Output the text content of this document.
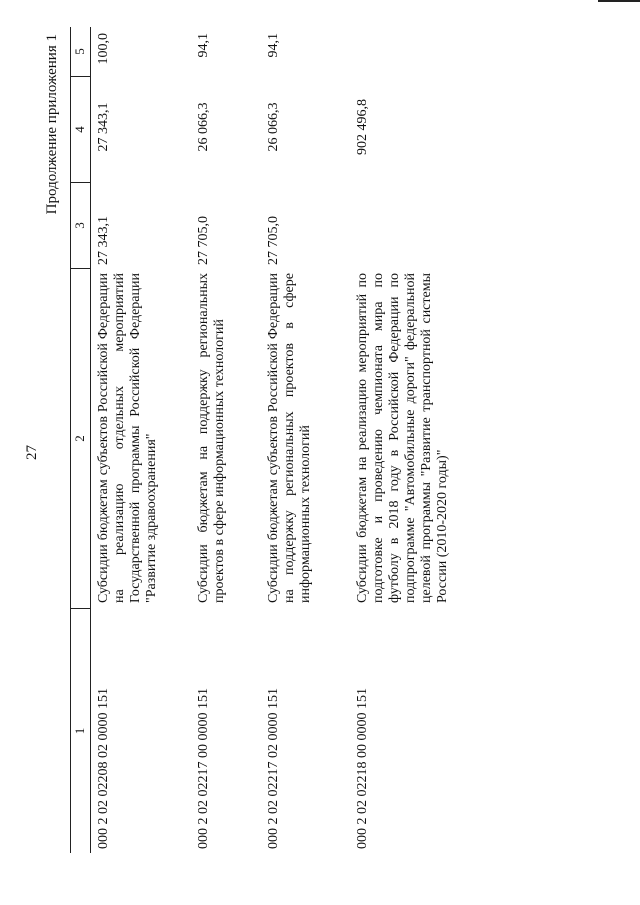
27
Продолжение приложения 1
1
2
3
4
5
000 2 02 02208 02 0000 151
Субсидии бюджетам субъектов Российской Федерации на реализацию отдельных мероприятий Государственной программы Российской Федерации "Развитие здравоохранения"
27 343,1
27 343,1
100,0
000 2 02 02217 00 0000 151
Субсидии бюджетам на поддержку региональных проектов в сфере информационных технологий
27 705,0
26 066,3
94,1
000 2 02 02217 02 0000 151
Субсидии бюджетам субъектов Российской Федерации на поддержку региональных проектов в сфере информационных технологий
27 705,0
26 066,3
94,1
000 2 02 02218 00 0000 151
Субсидии бюджетам на реализацию мероприятий по подготовке и проведению чемпионата мира по футболу в 2018 году в Российской Федерации по подпрограмме "Автомобильные дороги" федеральной целевой программы "Развитие транспортной системы России (2010-2020 годы)"
902 496,8
